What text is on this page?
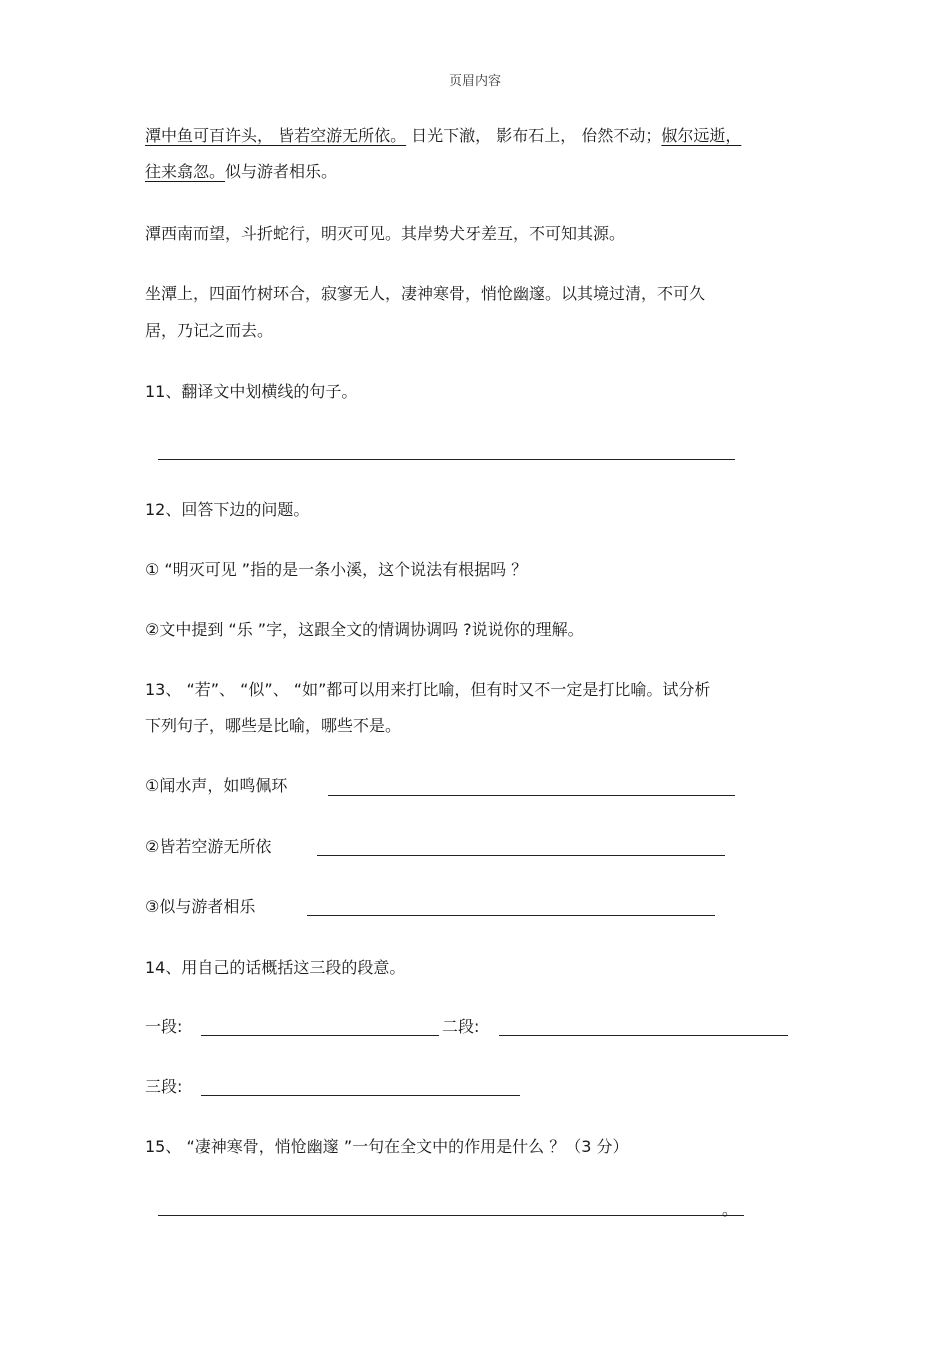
页眉内容
潭中鱼可百许头， 皆若空游无所依。 日光下澈， 影布石上， 佁然不动；俶尔远逝，
往来翕忽。似与游者相乐。
潭西南而望，斗折蛇行，明灭可见。其岸势犬牙差互，不可知其源。
坐潭上，四面竹树环合，寂寥无人，凄神寒骨，悄怆幽邃。以其境过清，不可久
居，乃记之而去。
11、翻译文中划横线的句子。
12、回答下边的问题。
① “明灭可见 ”指的是一条小溪，这个说法有根据吗 ？
②文中提到 “乐 ”字，这跟全文的情调协调吗 ?说说你的理解。
13、 “若”、 “似”、 “如”都可以用来打比喻，但有时又不一定是打比喻。试分析
下列句子，哪些是比喻，哪些不是。
①闻水声，如鸣佩环
②皆若空游无所依
③似与游者相乐
14、用自己的话概括这三段的段意。
一段:	二段:
三段:
15、 “凄神寒骨，悄怆幽邃 ”一句在全文中的作用是什么 ？（3 分）
。
